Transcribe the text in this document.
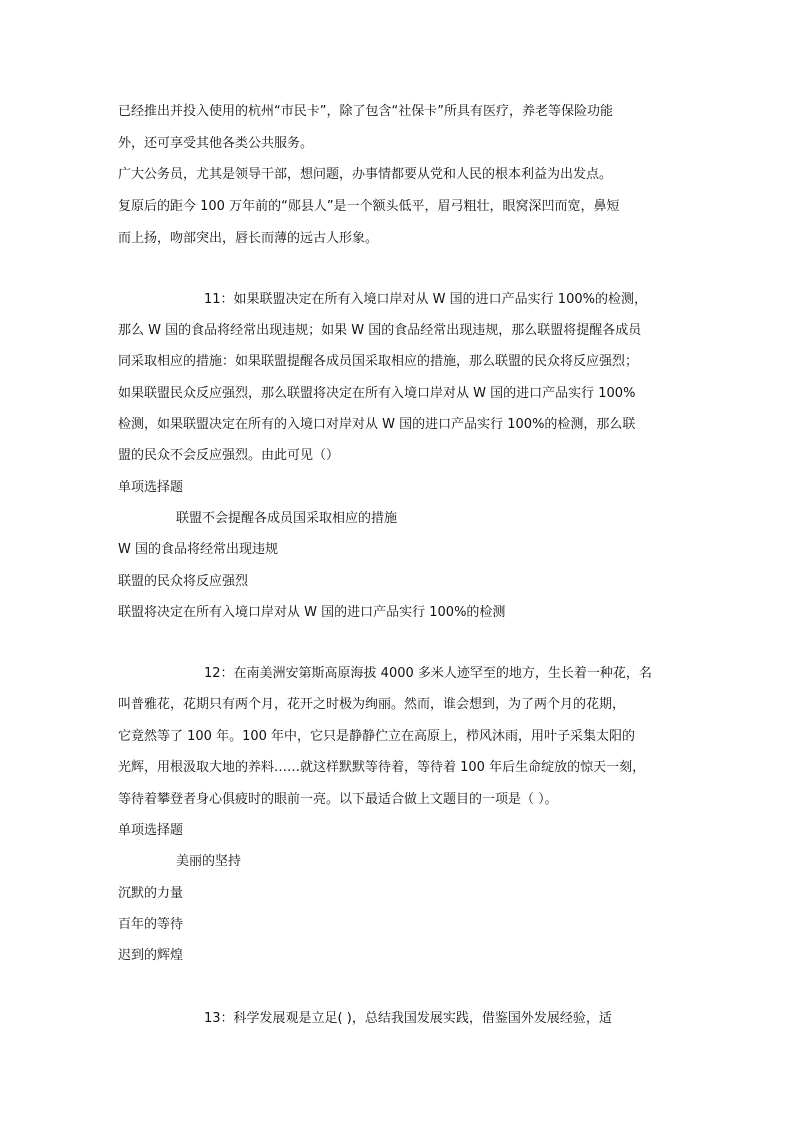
已经推出并投入使用的杭州“市民卡”，除了包含“社保卡”所具有医疗，养老等保险功能
外，还可享受其他各类公共服务。
广大公务员，尤其是领导干部，想问题，办事情都要从党和人民的根本利益为出发点。
复原后的距今 100 万年前的“郧县人”是一个额头低平，眉弓粗壮，眼窝深凹而宽，鼻短
而上扬，吻部突出，唇长而薄的远古人形象。
11：如果联盟决定在所有入境口岸对从 W 国的进口产品实行 100%的检测，
那么 W 国的食品将经常出现违规；如果 W 国的食品经常出现违规，那么联盟将提醒各成员
同采取相应的措施：如果联盟提醒各成员国采取相应的措施，那么联盟的民众将反应强烈；
如果联盟民众反应强烈，那么联盟将决定在所有入境口岸对从 W 国的进口产品实行 100%
检测，如果联盟决定在所有的入境口对岸对从 W 国的进口产品实行 100%的检测，那么联
盟的民众不会反应强烈。由此可见（）
单项选择题
联盟不会提醒各成员国采取相应的措施
W 国的食品将经常出现违规
联盟的民众将反应强烈
联盟将决定在所有入境口岸对从 W 国的进口产品实行 100%的检测
12：在南美洲安第斯高原海拔 4000 多米人迹罕至的地方，生长着一种花，名
叫普雅花，花期只有两个月，花开之时极为绚丽。然而，谁会想到，为了两个月的花期，
它竟然等了 100 年。100 年中，它只是静静伫立在高原上，栉风沐雨，用叶子采集太阳的
光辉，用根汲取大地的养料……就这样默默等待着，等待着 100 年后生命绽放的惊天一刻，
等待着攀登者身心俱疲时的眼前一亮。以下最适合做上文题目的一项是（ ）。
单项选择题
美丽的坚持
沉默的力量
百年的等待
迟到的辉煌
13：科学发展观是立足( )，总结我国发展实践，借鉴国外发展经验，适
